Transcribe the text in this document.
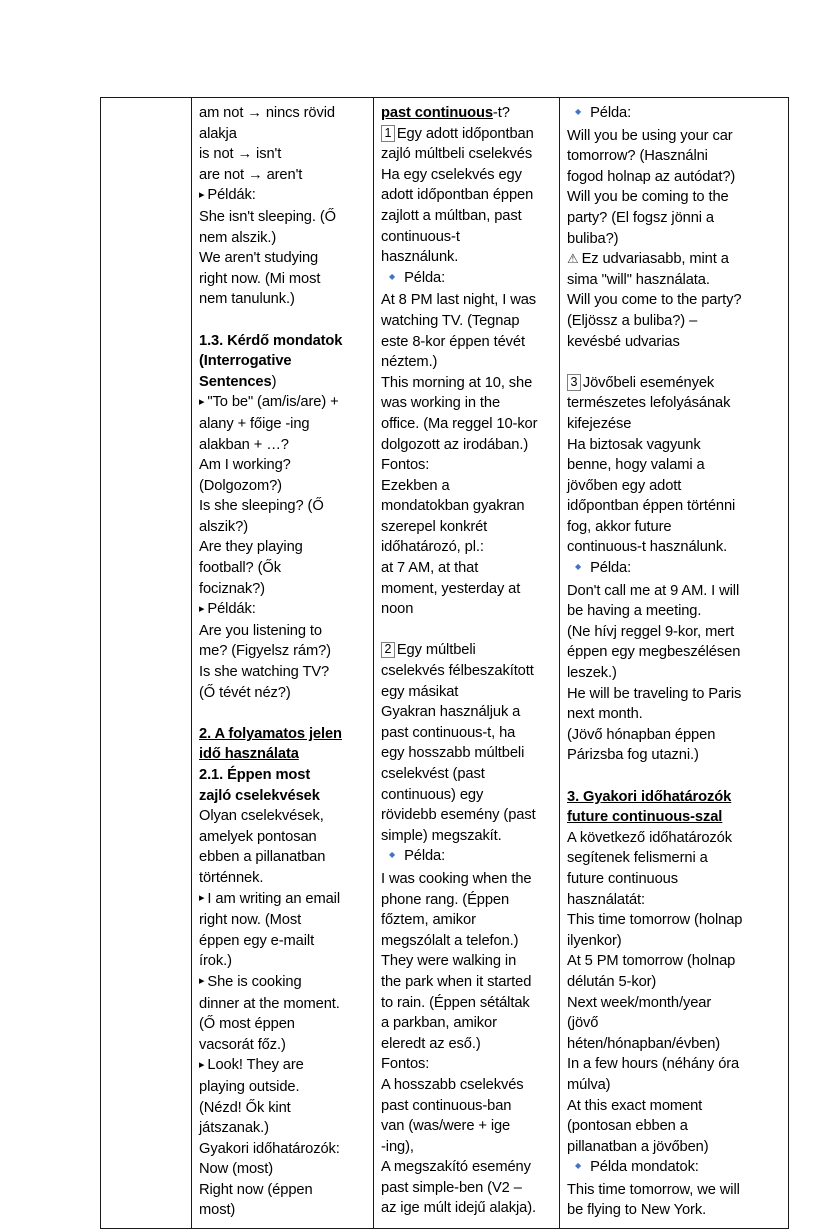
am not → nincs rövid
alakja
is not → isn't
are not → aren't
▸ Példák:
She isn't sleeping. (Ő
nem alszik.)
We aren't studying
right now. (Mi most
nem tanulunk.)
1.3. Kérdő mondatok
(Interrogative
Sentences)
▸ "To be" (am/is/are) +
alany + főige -ing
alakban + …?
Am I working?
(Dolgozom?)
Is she sleeping? (Ő
alszik?)
Are they playing
football? (Ők
fociznak?)
▸ Példák:
Are you listening to
me? (Figyelsz rám?)
Is she watching TV?
(Ő tévét néz?)
2. A folyamatos jelen
idő használata
2.1. Éppen most
zajló cselekvések
Olyan cselekvések,
amelyek pontosan
ebben a pillanatban
történnek.
▸ I am writing an email
right now. (Most
éppen egy e-mailt
írok.)
▸ She is cooking
dinner at the moment.
(Ő most éppen
vacsorát főz.)
▸ Look! They are
playing outside.
(Nézd! Ők kint
játszanak.)
Gyakori időhatározók:
Now (most)
Right now (éppen
most)

past continuous-t?
1 Egy adott időpontban
zajló múltbeli cselekvés
Ha egy cselekvés egy
adott időpontban éppen
zajlott a múltban, past
continuous-t
használunk.
◆ Példa:
At 8 PM last night, I was
watching TV. (Tegnap
este 8-kor éppen tévét
néztem.)
This morning at 10, she
was working in the
office. (Ma reggel 10-kor
dolgozott az irodában.)
Fontos:
Ezekben a
mondatokban gyakran
szerepel konkrét
időhatározó, pl.:
at 7 AM, at that
moment, yesterday at
noon
2 Egy múltbeli
cselekvés félbeszakított
egy másikat
Gyakran használjuk a
past continuous-t, ha
egy hosszabb múltbeli
cselekvést (past
continuous) egy
rövidebb esemény (past
simple) megszakít.
◆ Példa:
I was cooking when the
phone rang. (Éppen
főztem, amikor
megszólalt a telefon.)
They were walking in
the park when it started
to rain. (Éppen sétáltak
a parkban, amikor
eleredt az eső.)
Fontos:
A hosszabb cselekvés
past continuous-ban
van (was/were + ige
-ing),
A megszakító esemény
past simple-ben (V2 –
az ige múlt idejű alakja).

◆ Példa:
Will you be using your car
tomorrow? (Használni
fogod holnap az autódat?)
Will you be coming to the
party? (El fogsz jönni a
buliba?)
⚠ Ez udvariasabb, mint a
sima "will" használata.
Will you come to the party?
(Eljössz a buliba?) –
kevésbé udvarias
3 Jövőbeli események
természetes lefolyásának
kifejezése
Ha biztosak vagyunk
benne, hogy valami a
jövőben egy adott
időpontban éppen történni
fog, akkor future
continuous-t használunk.
◆ Példa:
Don't call me at 9 AM. I will
be having a meeting.
(Ne hívj reggel 9-kor, mert
éppen egy megbeszélésen
leszek.)
He will be traveling to Paris
next month.
(Jövő hónapban éppen
Párizsba fog utazni.)
3. Gyakori időhatározók
future continuous-szal
A következő időhatározók
segítenek felismerni a
future continuous
használatát:
This time tomorrow (holnap
ilyenkor)
At 5 PM tomorrow (holnap
délután 5-kor)
Next week/month/year
(jövő
héten/hónapban/évben)
In a few hours (néhány óra
múlva)
At this exact moment
(pontosan ebben a
pillanatban a jövőben)
◆ Példa mondatok:
This time tomorrow, we will
be flying to New York.
